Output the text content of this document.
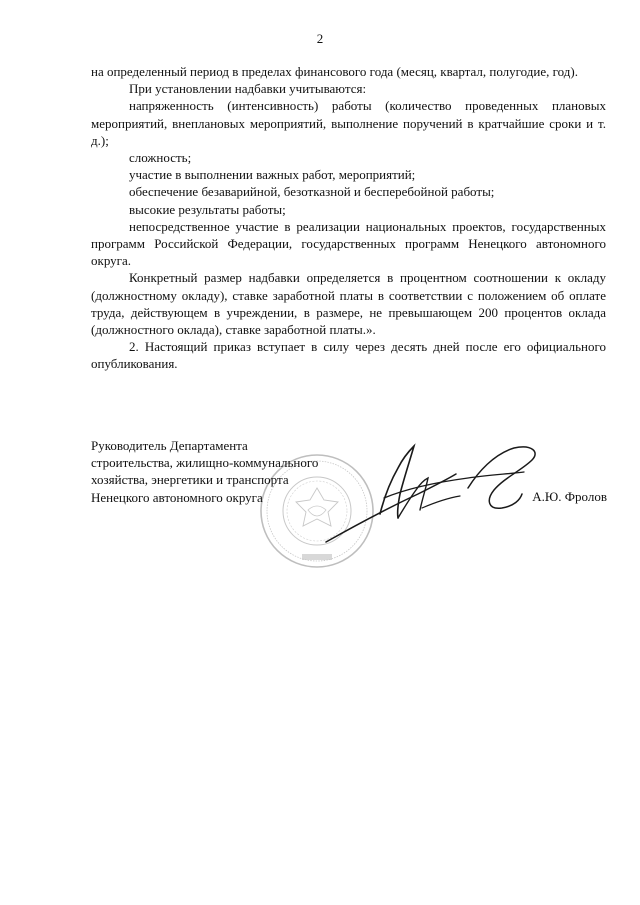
2

на определенный период в пределах финансового года (месяц, квартал, полугодие, год).

При установлении надбавки учитываются:

напряженность (интенсивность) работы (количество проведенных плановых мероприятий, внеплановых мероприятий, выполнение поручений в кратчайшие сроки и т. д.);

сложность;

участие в выполнении важных работ, мероприятий;

обеспечение безаварийной, безотказной и бесперебойной работы;

высокие результаты работы;

непосредственное участие в реализации национальных проектов, государственных программ Российской Федерации, государственных программ Ненецкого автономного округа.

Конкретный размер надбавки определяется в процентном соотношении к окладу (должностному окладу), ставке заработной платы в соответствии с положением об оплате труда, действующем в учреждении, в размере, не превышающем 200 процентов оклада (должностного оклада), ставке заработной платы.».

2. Настоящий приказ вступает в силу через десять дней после его официального опубликования.

Руководитель Департамента
строительства, жилищно-коммунального
хозяйства, энергетики и транспорта
Ненецкого автономного округа	А.Ю. Фролов
